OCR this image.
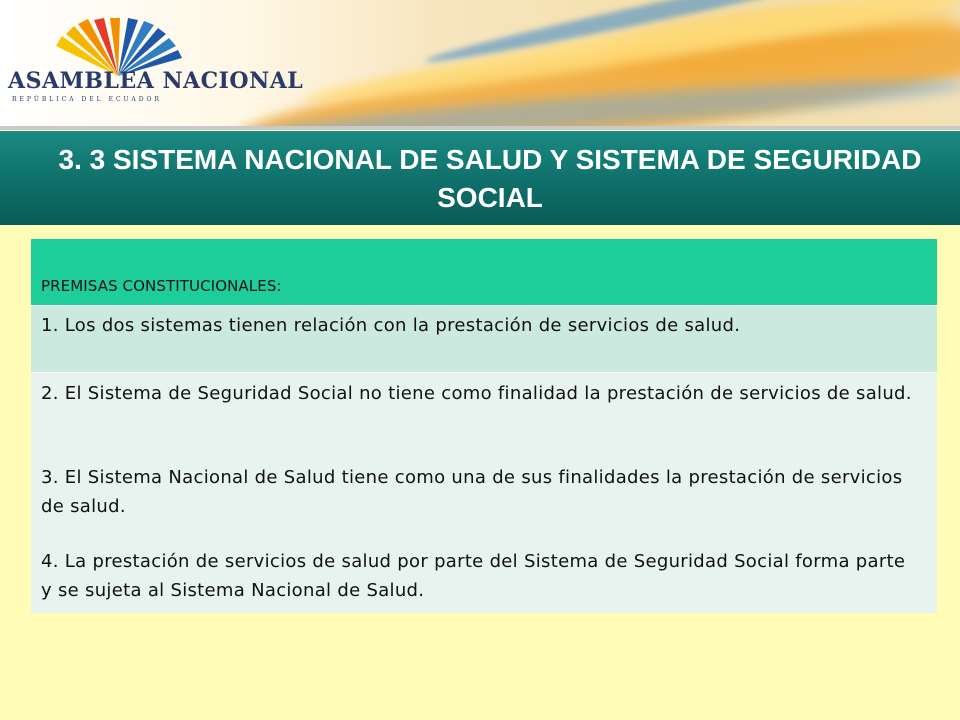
ASAMBLEA NACIONAL
REPÚBLICA DEL ECUADOR
3. 3 SISTEMA NACIONAL DE SALUD Y SISTEMA DE SEGURIDAD SOCIAL
PREMISAS CONSTITUCIONALES:
1. Los dos sistemas tienen relación con la prestación de servicios de salud.

2. El Sistema de Seguridad Social no tiene como finalidad la prestación de servicios de salud.

3. El Sistema Nacional de Salud tiene como una de sus finalidades la prestación de servicios de salud.

4. La prestación de servicios de salud por parte del Sistema de Seguridad Social forma parte y se sujeta al Sistema Nacional de Salud.
